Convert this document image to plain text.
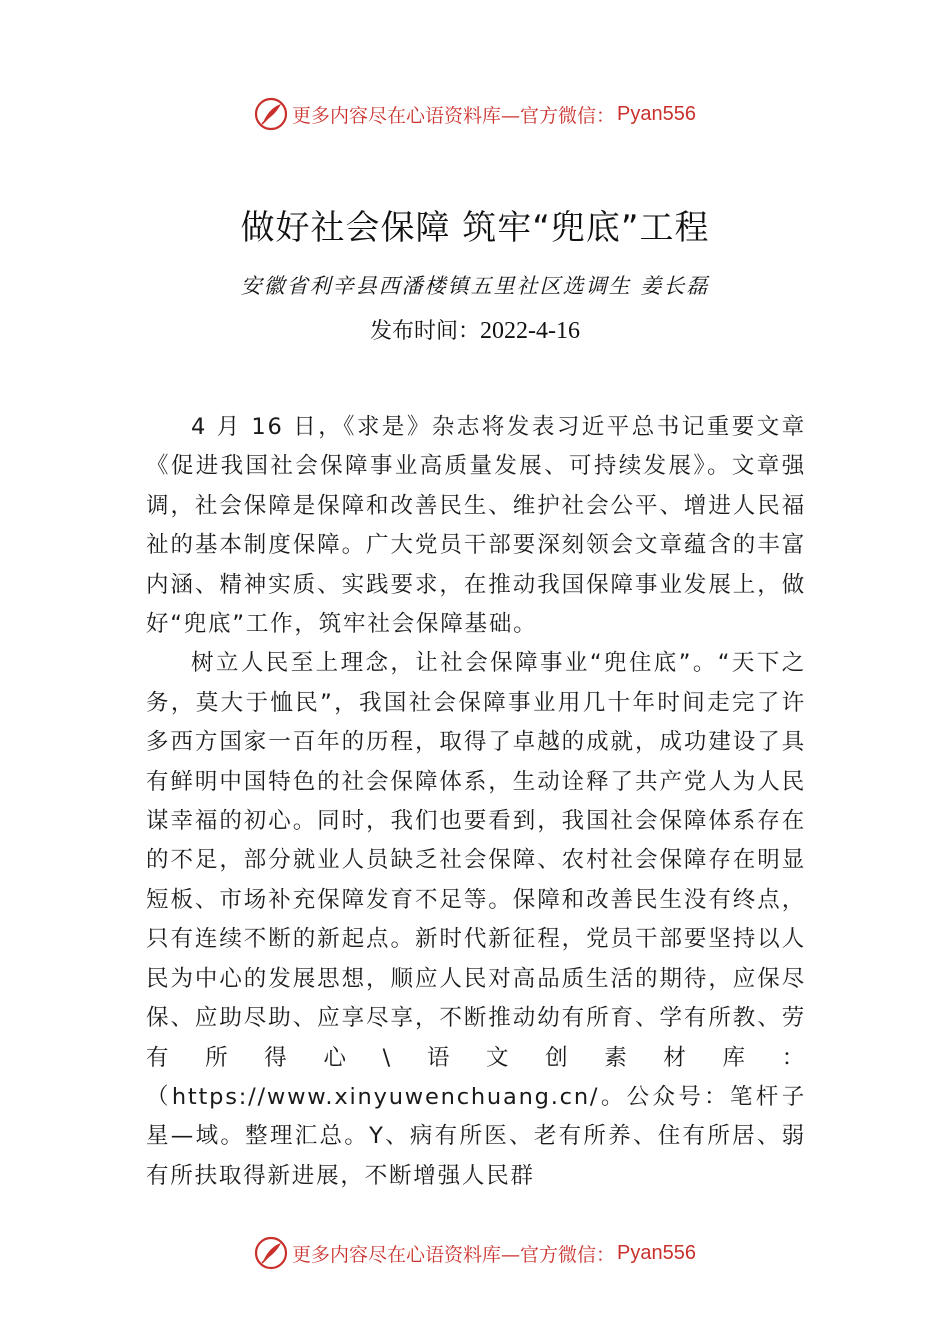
更多内容尽在心语资料库—官方微信： Pyan556
做好社会保障 筑牢“兜底”工程
安徽省利辛县西潘楼镇五里社区选调生 姜长磊
发布时间：2022-4-16

4 月 16 日，《求是》杂志将发表习近平总书记重要文章《促进我国社会保障事业高质量发展、可持续发展》。文章强调，社会保障是保障和改善民生、维护社会公平、增进人民福祉的基本制度保障。广大党员干部要深刻领会文章蕴含的丰富内涵、精神实质、实践要求，在推动我国保障事业发展上，做好“兜底”工作，筑牢社会保障基础。

树立人民至上理念，让社会保障事业“兜住底”。“天下之务，莫大于恤民”，我国社会保障事业用几十年时间走完了许多西方国家一百年的历程，取得了卓越的成就，成功建设了具有鲜明中国特色的社会保障体系，生动诠释了共产党人为人民谋幸福的初心。同时，我们也要看到，我国社会保障体系存在的不足，部分就业人员缺乏社会保障、农村社会保障存在明显短板、市场补充保障发育不足等。保障和改善民生没有终点，只有连续不断的新起点。新时代新征程，党员干部要坚持以人民为中心的发展思想，顺应人民对高品质生活的期待，应保尽保、应助尽助、应享尽享，不断推动幼有所育、学有所教、劳有所得心\语文创素材库：（https://www.xinyuwenchuang.cn/。公众号：笔杆子星—域。整理汇总。Y、病有所医、老有所养、住有所居、弱有所扶取得新进展，不断增强人民群

更多内容尽在心语资料库—官方微信： Pyan556
